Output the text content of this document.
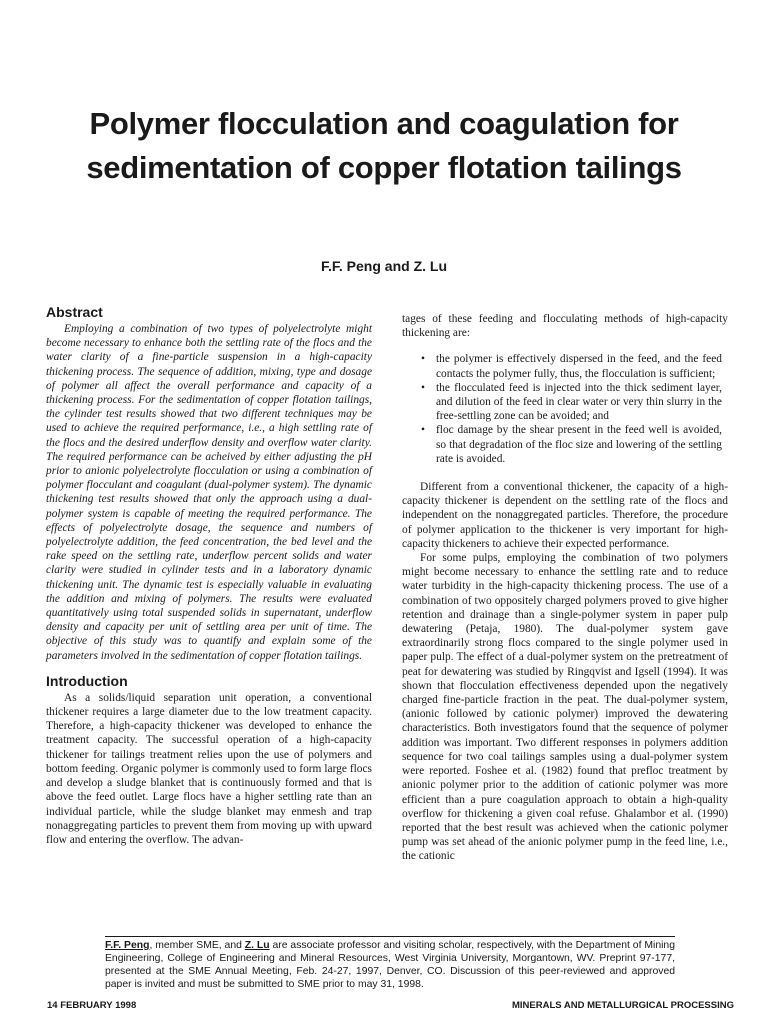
Polymer flocculation and coagulation for sedimentation of copper flotation tailings
F.F. Peng and Z. Lu
Abstract

Employing a combination of two types of polyelectrolyte might become necessary to enhance both the settling rate of the flocs and the water clarity of a fine-particle suspension in a high-capacity thickening process. The sequence of addition, mixing, type and dosage of polymer all affect the overall performance and capacity of a thickening process. For the sedimentation of copper flotation tailings, the cylinder test results showed that two different techniques may be used to achieve the required performance, i.e., a high settling rate of the flocs and the desired underflow density and overflow water clarity. The required performance can be acheived by either adjusting the pH prior to anionic polyelectrolyte flocculation or using a combination of polymer flocculant and coagulant (dual-polymer system). The dynamic thickening test results showed that only the approach using a dual-polymer system is capable of meeting the required performance. The effects of polyelectrolyte dosage, the sequence and numbers of polyelectrolyte addition, the feed concentration, the bed level and the rake speed on the settling rate, underflow percent solids and water clarity were studied in cylinder tests and in a laboratory dynamic thickening unit. The dynamic test is especially valuable in evaluating the addition and mixing of polymers. The results were evaluated quantitatively using total suspended solids in supernatant, underflow density and capacity per unit of settling area per unit of time. The objective of this study was to quantify and explain some of the parameters involved in the sedimentation of copper flotation tailings.

Introduction

As a solids/liquid separation unit operation, a conventional thickener requires a large diameter due to the low treatment capacity. Therefore, a high-capacity thickener was developed to enhance the treatment capacity. The successful operation of a high-capacity thickener for tailings treatment relies upon the use of polymers and bottom feeding. Organic polymer is commonly used to form large flocs and develop a sludge blanket that is continuously formed and that is above the feed outlet. Large flocs have a higher settling rate than an individual particle, while the sludge blanket may enmesh and trap nonaggregating particles to prevent them from moving up with upward flow and entering the overflow. The advan-

tages of these feeding and flocculating methods of high-capacity thickening are:

• the polymer is effectively dispersed in the feed, and the feed contacts the polymer fully, thus, the flocculation is sufficient;
• the flocculated feed is injected into the thick sediment layer, and dilution of the feed in clear water or very thin slurry in the free-settling zone can be avoided; and
• floc damage by the shear present in the feed well is avoided, so that degradation of the floc size and lowering of the settling rate is avoided.

Different from a conventional thickener, the capacity of a high-capacity thickener is dependent on the settling rate of the flocs and independent on the nonaggregated particles. Therefore, the procedure of polymer application to the thickener is very important for high-capacity thickeners to achieve their expected performance.

For some pulps, employing the combination of two polymers might become necessary to enhance the settling rate and to reduce water turbidity in the high-capacity thickening process. The use of a combination of two oppositely charged polymers proved to give higher retention and drainage than a single-polymer system in paper pulp dewatering (Petaja, 1980). The dual-polymer system gave extraordinarily strong flocs compared to the single polymer used in paper pulp. The effect of a dual-polymer system on the pretreatment of peat for dewatering was studied by Ringqvist and Igsell (1994). It was shown that flocculation effectiveness depended upon the negatively charged fine-particle fraction in the peat. The dual-polymer system, (anionic followed by cationic polymer) improved the dewatering characteristics. Both investigators found that the sequence of polymer addition was important. Two different responses in polymers addition sequence for two coal tailings samples using a dual-polymer system were reported. Foshee et al. (1982) found that prefloc treatment by anionic polymer prior to the addition of cationic polymer was more efficient than a pure coagulation approach to obtain a high-quality overflow for thickening a given coal refuse. Ghalambor et al. (1990) reported that the best result was achieved when the cationic polymer pump was set ahead of the anionic polymer pump in the feed line, i.e., the cationic

F.F. Peng, member SME, and Z. Lu are associate professor and visiting scholar, respectively, with the Department of Mining Engineering, College of Engineering and Mineral Resources, West Virginia University, Morgantown, WV. Preprint 97-177, presented at the SME Annual Meeting, Feb. 24-27, 1997, Denver, CO. Discussion of this peer-reviewed and approved paper is invited and must be submitted to SME prior to may 31, 1998.
14 FEBRUARY 1998	MINERALS AND METALLURGICAL PROCESSING
